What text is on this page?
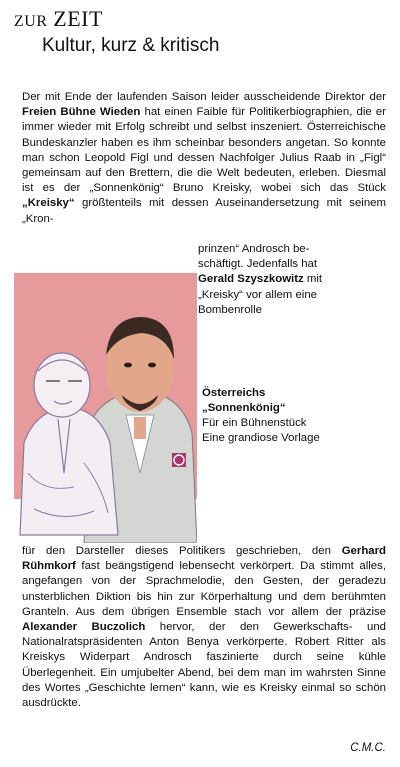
ZUR ZEIT
Kultur, kurz & kritisch
Der mit Ende der laufenden Saison leider ausscheidende Direktor der Freien Bühne Wieden hat einen Faible für Politikerbiographien, die er immer wieder mit Erfolg schreibt und selbst inszeniert. Österreichische Bundeskanzler haben es ihm scheinbar besonders angetan. So konnte man schon Leopold Figl und dessen Nachfolger Julius Raab in „Figl“ gemeinsam auf den Brettern, die die Welt bedeuten, erleben. Diesmal ist es der „Sonnenkönig“ Bruno Kreisky, wobei sich das Stück „Kreisky“ größtenteils mit dessen Auseinandersetzung mit seinem „Kron-

prinzen“ Androsch be-

schäftigt. Jedenfalls hat

Gerald Szyszkowitz mit

„Kreisky“ vor allem eine

Bombenrolle

Österreichs
„Sonnenkönig“
Für ein Bühnenstück
Eine grandiose Vorlage
für den Darsteller dieses Politikers geschrieben, den Gerhard Rühmkorf fast beängstigend lebensecht verkörpert. Da stimmt alles, angefangen von der Sprachmelodie, den Gesten, der geradezu unsterblichen Diktion bis hin zur Körperhaltung und dem berühmten Granteln. Aus dem übrigen Ensemble stach vor allem der präzise Alexander Buczolich hervor, der den Gewerkschafts- und Nationalratspräsidenten Anton Benya verkörperte. Robert Ritter als Kreiskys Widerpart Androsch faszinierte durch seine kühle Überlegenheit. Ein umjubelter Abend, bei dem man im wahrsten Sinne des Wortes „Geschichte lernen“ kann, wie es Kreisky einmal so schön ausdrückte.
C.M.C.
